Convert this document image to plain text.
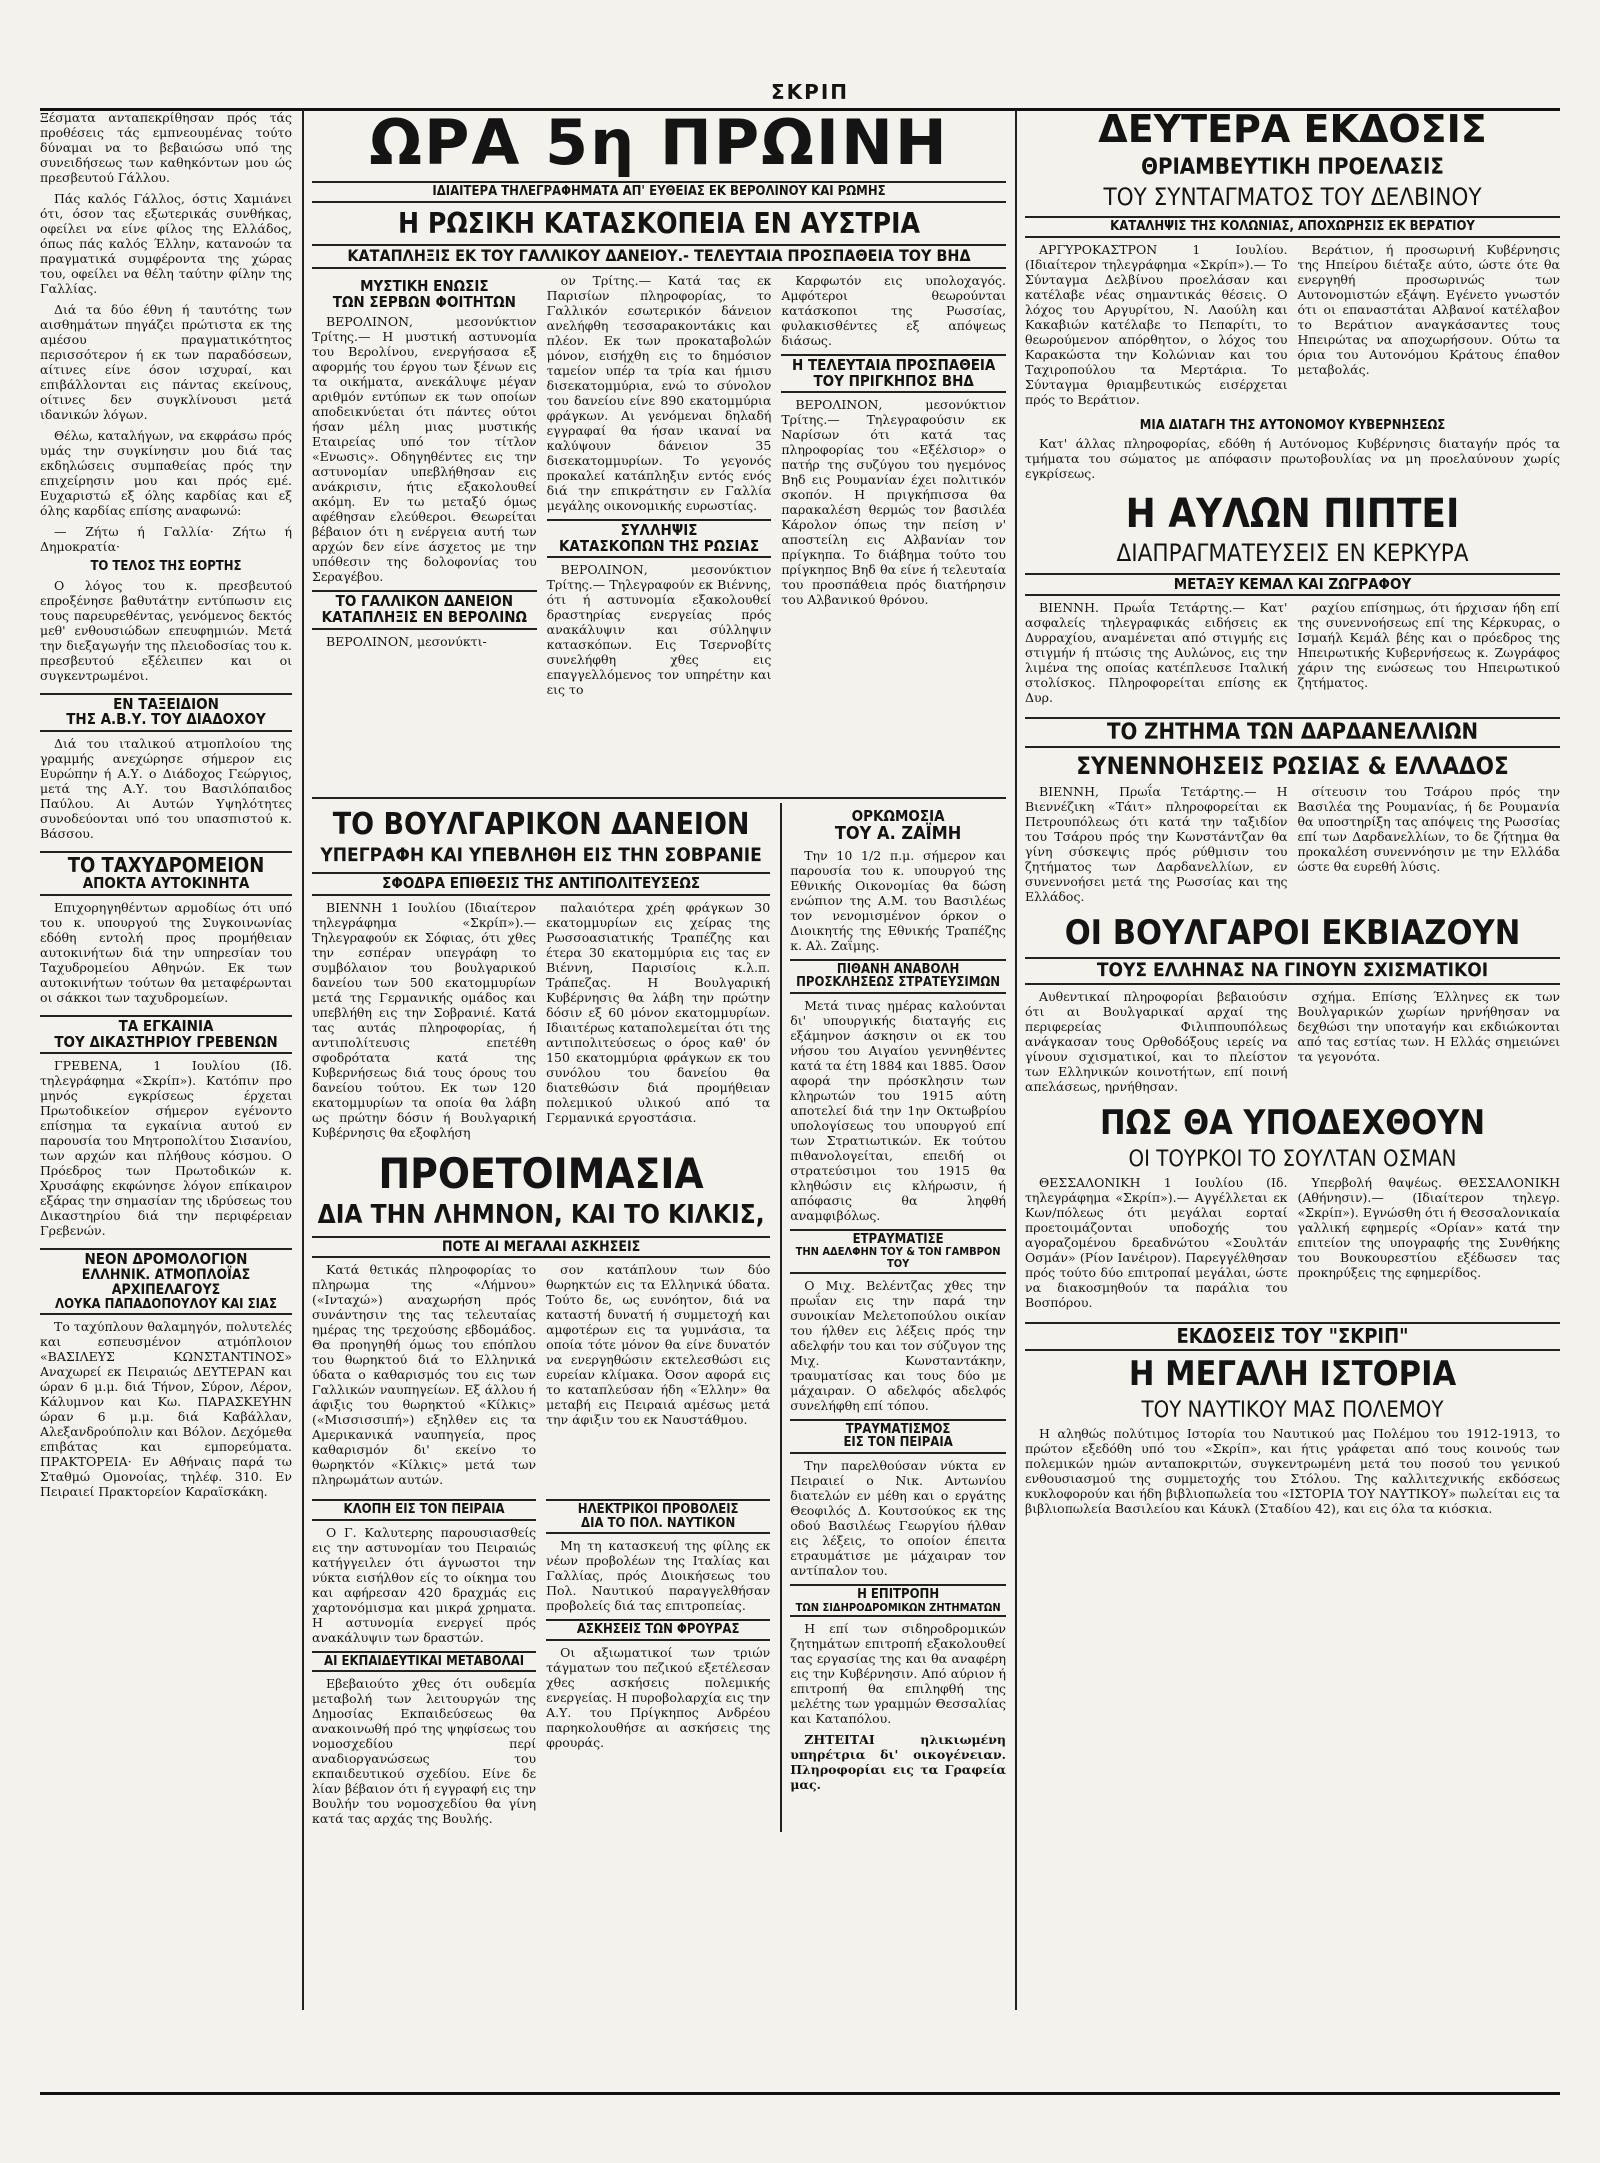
ΣΚΡΙΠ

Ξέσματα ανταπεκρίθησαν πρός τάς προθέσεις τάς εμπνεουμένας τούτο δύναμαι να το βεβαιώσω υπό της συνειδήσεως των καθηκόντων μου ώς πρεσβευτού Γάλλου.

Πάς καλός Γάλλος, όστις Χαμιάνει ότι, όσον τας εξωτερικάς συνθήκας, οφείλει να είνε φίλος της Ελλάδος, όπως πάς καλός Έλλην, κατανοών τα πραγματικά συμφέροντα της χώρας του, οφείλει να θέλη ταύτην φίλην της Γαλλίας.

Διά τα δύο έθνη ή ταυτότης των αισθημάτων πηγάζει πρώτιστα εκ της αμέσου πραγματικότητος περισσότερον ή εκ των παραδόσεων, αίτινες είνε όσον ισχυραί, και επιβάλλονται εις πάντας εκείνους, οίτινες δεν συγκλίνουσι μετά ιδανικών λόγων.

Θέλω, καταλήγων, να εκφράσω πρός υμάς την συγκίνησιν μου διά τας εκδηλώσεις συμπαθείας πρός την επιχείρησιν μου και πρός εμέ. Ευχαριστώ εξ όλης καρδίας και εξ όλης καρδίας επίσης αναφωνώ:

— Ζήτω ή Γαλλία· Ζήτω ή Δημοκρατία·

ΤΟ ΤΕΛΟΣ ΤΗΣ ΕΟΡΤΗΣ

Ο λόγος του κ. πρεσβευτού επροξένησε βαθυτάτην εντύπωσιν εις τους παρευρεθέντας, γενόμενος δεκτός μεθ' ενθουσιώδων επευφημιών. Μετά την διεξαγωγήν της πλειοδοσίας του κ. πρεσβευτού εξέλειπεν και οι συγκεντρωμένοι.

ΕΝ ΤΑΞΕΙΔΙΟΝ
ΤΗΣ Α.Β.Υ. ΤΟΥ ΔΙΑΔΟΧΟΥ

Διά του ιταλικού ατμοπλοίου της γραμμής ανεχώρησε σήμερον εις Ευρώπην ή Α.Υ. ο Διάδοχος Γεώργιος, μετά της Α.Υ. του Βασιλόπαιδος Παύλου. Αι Αυτών Υψηλότητες συνοδεύονται υπό του υπασπιστού κ. Βάσσου.

ΤΟ ΤΑΧΥΔΡΟΜΕΙΟΝ
ΑΠΟΚΤΑ ΑΥΤΟΚΙΝΗΤΑ

Επιχορηγηθέντων αρμοδίως ότι υπό του κ. υπουργού της Συγκοινωνίας εδόθη εντολή προς προμήθειαν αυτοκινήτων διά την υπηρεσίαν του Ταχυδρομείου Αθηνών. Εκ των αυτοκινήτων τούτων θα μεταφέρωνται οι σάκκοι των ταχυδρομείων.

ΤΑ ΕΓΚΑΙΝΙΑ
ΤΟΥ ΔΙΚΑΣΤΗΡΙΟΥ ΓΡΕΒΕΝΩΝ

ΓΡΕΒΕΝΑ, 1 Ιουλίου (Ιδ. τηλεγράφημα «Σκρίπ»). Κατόπιν προ μηνός εγκρίσεως έρχεται Πρωτοδικείον σήμερον εγένοντο επίσημα τα εγκαίνια αυτού εν παρουσία του Μητροπολίτου Σισανίου, των αρχών και πλήθους κόσμου. Ο Πρόεδρος των Πρωτοδικών κ. Χρυσάφης εκφώνησε λόγον επίκαιρον εξάρας την σημασίαν της ιδρύσεως του Δικαστηρίου διά την περιφέρειαν Γρεβενών.

ΝΕΟΝ ΔΡΟΜΟΛΟΓΙΟΝ
ΕΛΛΗΝΙΚ. ΑΤΜΟΠΛΟΪΑΣ ΑΡΧΙΠΕΛΑΓΟΥΣ
ΛΟΥΚΑ ΠΑΠΑΔΟΠΟΥΛΟΥ ΚΑΙ ΣΙΑΣ

Το ταχύπλουν θαλαμηγόν, πολυτελές και εσπευσμένον ατμόπλοιον «ΒΑΣΙΛΕΥΣ ΚΩΝΣΤΑΝΤΙΝΟΣ» Αναχωρεί εκ Πειραιώς ΔΕΥΤΕΡΑΝ και ώραν 6 μ.μ. διά Τήνον, Σύρον, Λέρον, Κάλυμνον και Κω. ΠΑΡΑΣΚΕΥΗΝ ώραν 6 μ.μ. διά Καβάλλαν, Αλεξανδρούπολιν και Βόλον. Δεχόμεθα επιβάτας και εμπορεύματα. ΠΡΑΚΤΟΡΕΙΑ· Εν Αθήναις παρά τω Σταθμώ Ομονοίας, τηλέφ. 310. Εν Πειραιεί Πρακτορείον Καραϊσκάκη.

ΩΡΑ 5η ΠΡΩΙΝΗ
ΙΔΙΑΙΤΕΡΑ ΤΗΛΕΓΡΑΦΗΜΑΤΑ ΑΠ' ΕΥΘΕΙΑΣ ΕΚ ΒΕΡΟΛΙΝΟΥ ΚΑΙ ΡΩΜΗΣ
Η ΡΩΣΙΚΗ ΚΑΤΑΣΚΟΠΕΙΑ ΕΝ ΑΥΣΤΡΙΑ
ΚΑΤΑΠΛΗΞΙΣ ΕΚ ΤΟΥ ΓΑΛΛΙΚΟΥ ΔΑΝΕΙΟΥ.- ΤΕΛΕΥΤΑΙΑ ΠΡΟΣΠΑΘΕΙΑ ΤΟΥ ΒΗΔ
ΜΥΣΤΙΚΗ ΕΝΩΣΙΣ
ΤΩΝ ΣΕΡΒΩΝ ΦΟΙΤΗΤΩΝ

ΒΕΡΟΛΙΝΟΝ, μεσονύκτιον Τρίτης.— Η μυστική αστυνομία του Βερολίνου, ενεργήσασα εξ αφορμής του έργου των ξένων εις τα οικήματα, ανεκάλυψε μέγαν αριθμόν εντύπων εκ των οποίων αποδεικνύεται ότι πάντες ούτοι ήσαν μέλη μιας μυστικής Εταιρείας υπό τον τίτλον «Ενωσις». Οδηγηθέντες εις την αστυνομίαν υπεβλήθησαν εις ανάκρισιν, ήτις εξακολουθεί ακόμη. Εν τω μεταξύ όμως αφέθησαν ελεύθεροι. Θεωρείται βέβαιον ότι η ενέργεια αυτή των αρχών δεν είνε άσχετος με την υπόθεσιν της δολοφονίας του Σεραγέβου.

ΤΟ ΓΑΛΛΙΚΟΝ ΔΑΝΕΙΟΝ
ΚΑΤΑΠΛΗΞΙΣ ΕΝ ΒΕΡΟΛΙΝΩ

ΒΕΡΟΛΙΝΟΝ, μεσονύκτι-

ον Τρίτης.— Κατά τας εκ Παρισίων πληροφορίας, το Γαλλικόν εσωτερικόν δάνειον ανελήφθη τεσσαρακοντάκις και πλέον. Εκ των προκαταβολών μόνον, εισήχθη εις το δημόσιον ταμείον υπέρ τα τρία και ήμισυ δισεκατομμύρια, ενώ το σύνολον του δανείου είνε 890 εκατομμύρια φράγκων. Αι γενόμεναι δηλαδή εγγραφαί θα ήσαν ικαναί να καλύψουν δάνειον 35 δισεκατομμυρίων. Το γεγονός προκαλεί κατάπληξιν εντός ενός διά την επικράτησιν εν Γαλλία μεγάλης οικονομικής ευρωστίας.

ΣΥΛΛΗΨΙΣ
ΚΑΤΑΣΚΟΠΩΝ ΤΗΣ ΡΩΣΙΑΣ

ΒΕΡΟΛΙΝΟΝ, μεσονύκτιον Τρίτης.— Τηλεγραφούν εκ Βιέννης, ότι ή αστυνομία εξακολουθεί δραστηρίας ενεργείας πρός ανακάλυψιν και σύλληψιν κατασκόπων. Εις Τσερνοβίτς συνελήφθη χθες εις επαγγελλόμενος τον υπηρέτην και εις το

Καρφωτόν εις υπολοχαγός. Αμφότεροι θεωρούνται κατάσκοποι της Ρωσσίας, φυλακισθέντες εξ απόψεως διάσως.

Η ΤΕΛΕΥΤΑΙΑ ΠΡΟΣΠΑΘΕΙΑ
ΤΟΥ ΠΡΙΓΚΗΠΟΣ ΒΗΔ

ΒΕΡΟΛΙΝΟΝ, μεσονύκτιον Τρίτης.— Τηλεγραφούσιν εκ Ναρίσων ότι κατά τας πληροφορίας του «Εξέλσιορ» ο πατήρ της συζύγου του ηγεμόνος Βηδ εις Ρουμανίαν έχει πολιτικόν σκοπόν. Η πριγκήπισσα θα παρακαλέση θερμώς τον βασιλέα Κάρολον όπως την πείση ν' αποστείλη εις Αλβανίαν τον πρίγκηπα. Το διάβημα τούτο του πρίγκηπος Βηδ θα είνε ή τελευταία του προσπάθεια πρός διατήρησιν του Αλβανικού θρόνου.

ΤΟ ΒΟΥΛΓΑΡΙΚΟΝ ΔΑΝΕΙΟΝ
ΥΠΕΓΡΑΦΗ ΚΑΙ ΥΠΕΒΛΗΘΗ ΕΙΣ ΤΗΝ ΣΟΒΡΑΝΙΕ
ΣΦΟΔΡΑ ΕΠΙΘΕΣΙΣ ΤΗΣ ΑΝΤΙΠΟΛΙΤΕΥΣΕΩΣ

ΒΙΕΝΝΗ 1 Ιουλίου (Ιδιαίτερον τηλεγράφημα «Σκρίπ»).— Τηλεγραφούν εκ Σόφιας, ότι χθες την εσπέραν υπεγράφη το συμβόλαιον του βουλγαρικού δανείου των 500 εκατομμυρίων μετά της Γερμανικής ομάδος και υπεβλήθη εις την Σοβρανιέ. Κατά τας αυτάς πληροφορίας, ή αντιπολίτευσις επετέθη σφοδρότατα κατά της Κυβερνήσεως διά τους όρους του δανείου τούτου. Εκ των 120 εκατομμυρίων τα οποία θα λάβη ως πρώτην δόσιν ή Βουλγαρική Κυβέρνησις θα εξοφλήση

παλαιότερα χρέη φράγκων 30 εκατομμυρίων εις χείρας της Ρωσσοασιατικής Τραπέζης και έτερα 30 εκατομμύρια εις τας εν Βιέννη, Παρισίοις κ.λ.π. Τράπεζας. Η Βουλγαρική Κυβέρνησις θα λάβη την πρώτην δόσιν εξ 60 μόνον εκατομμυρίων. Ιδιαιτέρως καταπολεμείται ότι της αντιπολιτεύσεως ο όρος καθ' όν 150 εκατομμύρια φράγκων εκ του συνόλου του δανείου θα διατεθώσιν διά προμήθειαν πολεμικού υλικού από τα Γερμανικά εργοστάσια.

ΠΡΟΕΤΟΙΜΑΣΙΑ
ΔΙΑ ΤΗΝ ΛΗΜΝΟΝ, ΚΑΙ ΤΟ ΚΙΛΚΙΣ,
ΠΟΤΕ ΑΙ ΜΕΓΑΛΑΙ ΑΣΚΗΣΕΙΣ

Κατά θετικάς πληροφορίας το πληρωμα της «Λήμνου» («Ινταχώ») αναχωρήση πρός συνάντησιν της τας τελευταίας ημέρας της τρεχούσης εβδομάδος. Θα προηγηθή όμως του επόπλου του θωρηκτού διά το Ελληνικά ύδατα ο καθαρισμός του εις των Γαλλικών ναυπηγείων. Εξ άλλου ή άφιξις του θωρηκτού «Κίλκις» («Μισσισσιπή») εξηλθεν εις τα Αμερικανικά ναυπηγεία, προς καθαρισμόν δι' εκείνο το θωρηκτόν «Κίλκις» μετά των πληρωμάτων αυτών.

σον κατάπλουν των δύο θωρηκτών εις τα Ελληνικά ύδατα. Τούτο δε, ως ευνόητον, διά να καταστή δυνατή ή συμμετοχή και αμφοτέρων εις τα γυμνάσια, τα οποία τότε μόνον θα είνε δυνατόν να ενεργηθώσιν εκτελεσθώσι εις ευρείαν κλίμακα. Όσον αφορά εις το καταπλεύσαν ήδη «Έλλην» θα μεταβή εις Πειραιά αμέσως μετά την άφιξιν του εκ Ναυστάθμου.

ΚΛΟΠΗ ΕΙΣ ΤΟΝ ΠΕΙΡΑΙΑ

Ο Γ. Καλυτερης παρουσιασθείς εις την αστυνομίαν του Πειραιώς κατήγγειλεν ότι άγνωστοι την νύκτα εισήλθον είς το οίκημα του και αφήρεσαν 420 δραχμάς εις χαρτονόμισμα και μικρά χρηματα. Η αστυνομία ενεργεί πρός ανακάλυψιν των δραστών.

ΑΙ ΕΚΠΑΙΔΕΥΤΙΚΑΙ ΜΕΤΑΒΟΛΑΙ

Εβεβαιούτο χθες ότι ουδεμία μεταβολή των λειτουργών της Δημοσίας Εκπαιδεύσεως θα ανακοινωθή πρό της ψηφίσεως του νομοσχεδίου περί αναδιοργανώσεως του εκπαιδευτικού σχεδίου. Είνε δε λίαν βέβαιον ότι ή εγγραφή εις την Βουλήν του νομοσχεδίου θα γίνη κατά τας αρχάς της Βουλής.

ΗΛΕΚΤΡΙΚΟΙ ΠΡΟΒΟΛΕΙΣ
ΔΙΑ ΤΟ ΠΟΛ. ΝΑΥΤΙΚΟΝ

Μη τη κατασκευή της φίλης εκ νέων προβολέων της Ιταλίας και Γαλλίας, πρός Διοικήσεως του Πολ. Ναυτικού παραγγελθήσαν προβολείς διά τας επιτροπείας.

ΑΣΚΗΣΕΙΣ ΤΩΝ ΦΡΟΥΡΑΣ

Οι αξιωματικοί των τριών τάγματων του πεζικού εξετέλεσαν χθες ασκήσεις πολεμικής ενεργείας. Η πυροβολαρχία εις την Α.Υ. του Πρίγκηπος Ανδρέου παρηκολουθήσε αι ασκήσεις της φρουράς.

ΟΡΚΩΜΟΣΙΑ
ΤΟΥ Α. ΖΑΪΜΗ

Την 10 1/2 π.μ. σήμερον και παρουσία του κ. υπουργού της Εθνικής Οικονομίας θα δώση ενώπιον της Α.Μ. του Βασιλέως τον νενομισμένον όρκον ο Διοικητής της Εθνικής Τραπέζης κ. Αλ. Ζαΐμης.

ΠΙΘΑΝΗ ΑΝΑΒΟΛΗ
ΠΡΟΣΚΛΗΣΕΩΣ ΣΤΡΑΤΕΥΣΙΜΩΝ

Μετά τινας ημέρας καλούνται δι' υπουργικής διαταγής εις εξάμηνον άσκησιν οι εκ του νήσου του Αιγαίου γεννηθέντες κατά τα έτη 1884 και 1885. Όσον αφορά την πρόσκλησιν των κληρωτών του 1915 αύτη αποτελεί διά την 1ην Οκτωβρίου υπολογίσεως του υπουργού επί των Στρατιωτικών. Εκ τούτου πιθανολογείται, επειδή οι στρατεύσιμοι του 1915 θα κληθώσιν εις κλήρωσιν, ή απόφασις θα ληφθή αναμφιβόλως.

ΕΤΡΑΥΜΑΤΙΣΕ
ΤΗΝ ΑΔΕΛΦΗΝ ΤΟΥ & ΤΟΝ ΓΑΜΒΡΟΝ ΤΟΥ

Ο Μιχ. Βελέντζας χθες την πρωΐαν εις την παρά την συνοικίαν Μελετοπούλου οικίαν του ήλθεν εις λέξεις πρός την αδελφήν του και τον σύζυγον της Μιχ. Κωνσταντάκην, τραυματίσας και τους δύο με μάχαιραν. Ο αδελφός αδελφός συνελήφθη επί τόπου.

ΤΡΑΥΜΑΤΙΣΜΟΣ
ΕΙΣ ΤΟΝ ΠΕΙΡΑΙΑ

Την παρελθούσαν νύκτα εν Πειραιεί ο Νικ. Αντωνίου διατελών εν μέθη και ο εργάτης Θεοφιλός Δ. Κουτσούκος εκ της οδού Βασιλέως Γεωργίου ήλθαν εις λέξεις, το οποίον έπειτα ετραυμάτισε με μάχαιραν τον αντίπαλον του.

Η ΕΠΙΤΡΟΠΗ
ΤΩΝ ΣΙΔΗΡΟΔΡΟΜΙΚΩΝ ΖΗΤΗΜΑΤΩΝ

Η επί των σιδηροδρομικών ζητημάτων επιτροπή εξακολουθεί τας εργασίας της και θα αναφέρη εις την Κυβέρνησιν. Από αύριον ή επιτροπή θα επιληφθή της μελέτης των γραμμών Θεσσαλίας και Καταπόλου.

ΖΗΤΕΙΤΑΙ ηλικιωμένη υπηρέτρια δι' οικογένειαν. Πληροφορίαι εις τα Γραφεία μας.

ΔΕΥΤΕΡΑ ΕΚΔΟΣΙΣ
ΘΡΙΑΜΒΕΥΤΙΚΗ ΠΡΟΕΛΑΣΙΣ
ΤΟΥ ΣΥΝΤΑΓΜΑΤΟΣ ΤΟΥ ΔΕΛΒΙΝΟΥ
ΚΑΤΑΛΗΨΙΣ ΤΗΣ ΚΟΛΩΝΙΑΣ, ΑΠΟΧΩΡΗΣΙΣ ΕΚ ΒΕΡΑΤΙΟΥ

ΑΡΓΥΡΟΚΑΣΤΡΟΝ 1 Ιουλίου. (Ιδιαίτερον τηλεγράφημα «Σκρίπ»).— Το Σύνταγμα Δελβίνου προελάσαν και κατέλαβε νέας σημαντικάς θέσεις. Ο λόχος του Αργυρίτου, Ν. Λαούλη και Κακαβιών κατέλαβε το Πεπαρίτι, το θεωρούμενον απόρθητον, ο λόχος του Καρακώστα την Κολώνιαν και του Ταχιροπούλου τα Μερτάρια. Το Σύνταγμα θριαμβευτικώς εισέρχεται πρός το Βεράτιον.

Βεράτιον, ή προσωρινή Κυβέρνησις της Ηπείρου διέταξε αύτο, ώστε ότε θα ενεργηθή προσωρινώς των Αυτονομιστών εξάψη. Εγένετο γνωστόν ότι οι επαναστάται Αλβανοί κατέλαβον το Βεράτιον αναγκάσαντες τους Ηπειρώτας να αποχωρήσουν. Ούτω τα όρια του Αυτονόμου Κράτους έπαθον μεταβολάς.

ΜΙΑ ΔΙΑΤΑΓΗ ΤΗΣ ΑΥΤΟΝΟΜΟΥ ΚΥΒΕΡΝΗΣΕΩΣ

Κατ' άλλας πληροφορίας, εδόθη ή Αυτόνομος Κυβέρνησις διαταγήν πρός τα τμήματα του σώματος με απόφασιν πρωτοβουλίας να μη προελαύνουν χωρίς εγκρίσεως.

Η ΑΥΛΩΝ ΠΙΠΤΕΙ
ΔΙΑΠΡΑΓΜΑΤΕΥΣΕΙΣ ΕΝ ΚΕΡΚΥΡΑ
ΜΕΤΑΞΥ ΚΕΜΑΛ ΚΑΙ ΖΩΓΡΑΦΟΥ

ΒΙΕΝΝΗ. Πρωΐα Τετάρτης.— Κατ' ασφαλείς τηλεγραφικάς ειδήσεις εκ Δυρραχίου, αναμένεται από στιγμής εις στιγμήν ή πτώσις της Αυλώνος, εις την λιμένα της οποίας κατέπλευσε Ιταλική στολίσκος. Πληροφορείται επίσης εκ Δυρ.

ραχίου επίσημως, ότι ήρχισαν ήδη επί της συνεννοήσεως επί της Κέρκυρας, ο Ισμαήλ Κεμάλ βέης και ο πρόεδρος της Ηπειρωτικής Κυβερνήσεως κ. Ζωγράφος χάριν της ενώσεως του Ηπειρωτικού ζητήματος.

ΤΟ ΖΗΤΗΜΑ ΤΩΝ ΔΑΡΔΑΝΕΛΛΙΩΝ
ΣΥΝΕΝΝΟΗΣΕΙΣ ΡΩΣΙΑΣ & ΕΛΛΑΔΟΣ

ΒΙΕΝΝΗ, Πρωΐα Τετάρτης.— Η Βιεννέζικη «Τάιτ» πληροφορείται εκ Πετρουπόλεως ότι κατά την ταξιδίον του Τσάρου πρός την Κωνστάντζαν θα γίνη σύσκεψις πρός ρύθμισιν του ζητήματος των Δαρδανελλίων, εν συνεννοήσει μετά της Ρωσσίας και της Ελλάδος.

σίτευσιν του Τσάρου πρός την Βασιλέα της Ρουμανίας, ή δε Ρουμανία θα υποστηρίξη τας απόψεις της Ρωσσίας επί των Δαρδανελλίων, το δε ζήτημα θα προκαλέση συνεννόησιν με την Ελλάδα ώστε θα ευρεθή λύσις.

ΟΙ ΒΟΥΛΓΑΡΟΙ ΕΚΒΙΑΖΟΥΝ
ΤΟΥΣ ΕΛΛΗΝΑΣ ΝΑ ΓΙΝΟΥΝ ΣΧΙΣΜΑΤΙΚΟΙ

Αυθεντικαί πληροφορίαι βεβαιούσιν ότι αι Βουλγαρικαί αρχαί της περιφερείας Φιλιππουπόλεως ανάγκασαν τους Ορθοδόξους ιερείς να γίνουν σχισματικοί, και το πλείστον των Ελληνικών κοινοτήτων, επί ποινή απελάσεως, ηρνήθησαν.

σχήμα. Επίσης Έλληνες εκ των Βουλγαρικών χωρίων ηρνήθησαν να δεχθώσι την υποταγήν και εκδιώκονται από τας εστίας των. Η Ελλάς σημειώνει τα γεγονότα.

ΠΩΣ ΘΑ ΥΠΟΔΕΧΘΟΥΝ
ΟΙ ΤΟΥΡΚΟΙ ΤΟ ΣΟΥΛΤΑΝ ΟΣΜΑΝ

ΘΕΣΣΑΛΟΝΙΚΗ 1 Ιουλίου (Ιδ. τηλεγράφημα «Σκρίπ»).— Αγγέλλεται εκ Κων/πόλεως ότι μεγάλαι εορταί προετοιμάζονται υποδοχής του αγοραζομένου δρεαδνώτου «Σουλτάν Οσμάν» (Ρίον Ιανέιρον). Παρεγγέλθησαν πρός τούτο δύο επιτροπαί μεγάλαι, ώστε να διακοσμηθούν τα παράλια του Βοσπόρου.

Υπερβολή θαψέως. ΘΕΣΣΑΛΟΝΙΚΗ (Αθήνησιν).— (Ιδιαίτερον τηλεγρ. «Σκρίπ»). Εγνώσθη ότι ή Θεσσαλονικαία γαλλική εφημερίς «Ορίαν» κατά την επιτείον της υπογραφής της Συνθήκης του Βουκουρεστίου εξέδωσεν τας προκηρύξεις της εφημερίδος.

ΕΚΔΟΣΕΙΣ ΤΟΥ "ΣΚΡΙΠ"
Η ΜΕΓΑΛΗ ΙΣΤΟΡΙΑ
ΤΟΥ ΝΑΥΤΙΚΟΥ ΜΑΣ ΠΟΛΕΜΟΥ

Η αληθώς πολύτιμος Ιστορία του Ναυτικού μας Πολέμου του 1912-1913, το πρώτον εξεδόθη υπό του «Σκρίπ», και ήτις γράφεται από τους κοινούς των πολεμικών ημών ανταποκριτών, συγκεντρωμένη μετά του ποσού του γενικού ενθουσιασμού της συμμετοχής του Στόλου. Της καλλιτεχνικής εκδόσεως κυκλοφορούν και ήδη βιβλιοπωλεία του «ΙΣΤΟΡΙΑ ΤΟΥ ΝΑΥΤΙΚΟΥ» πωλείται εις τα βιβλιοπωλεία Βασιλείου και Κάυκλ (Σταδίου 42), και εις όλα τα κιόσκια.
